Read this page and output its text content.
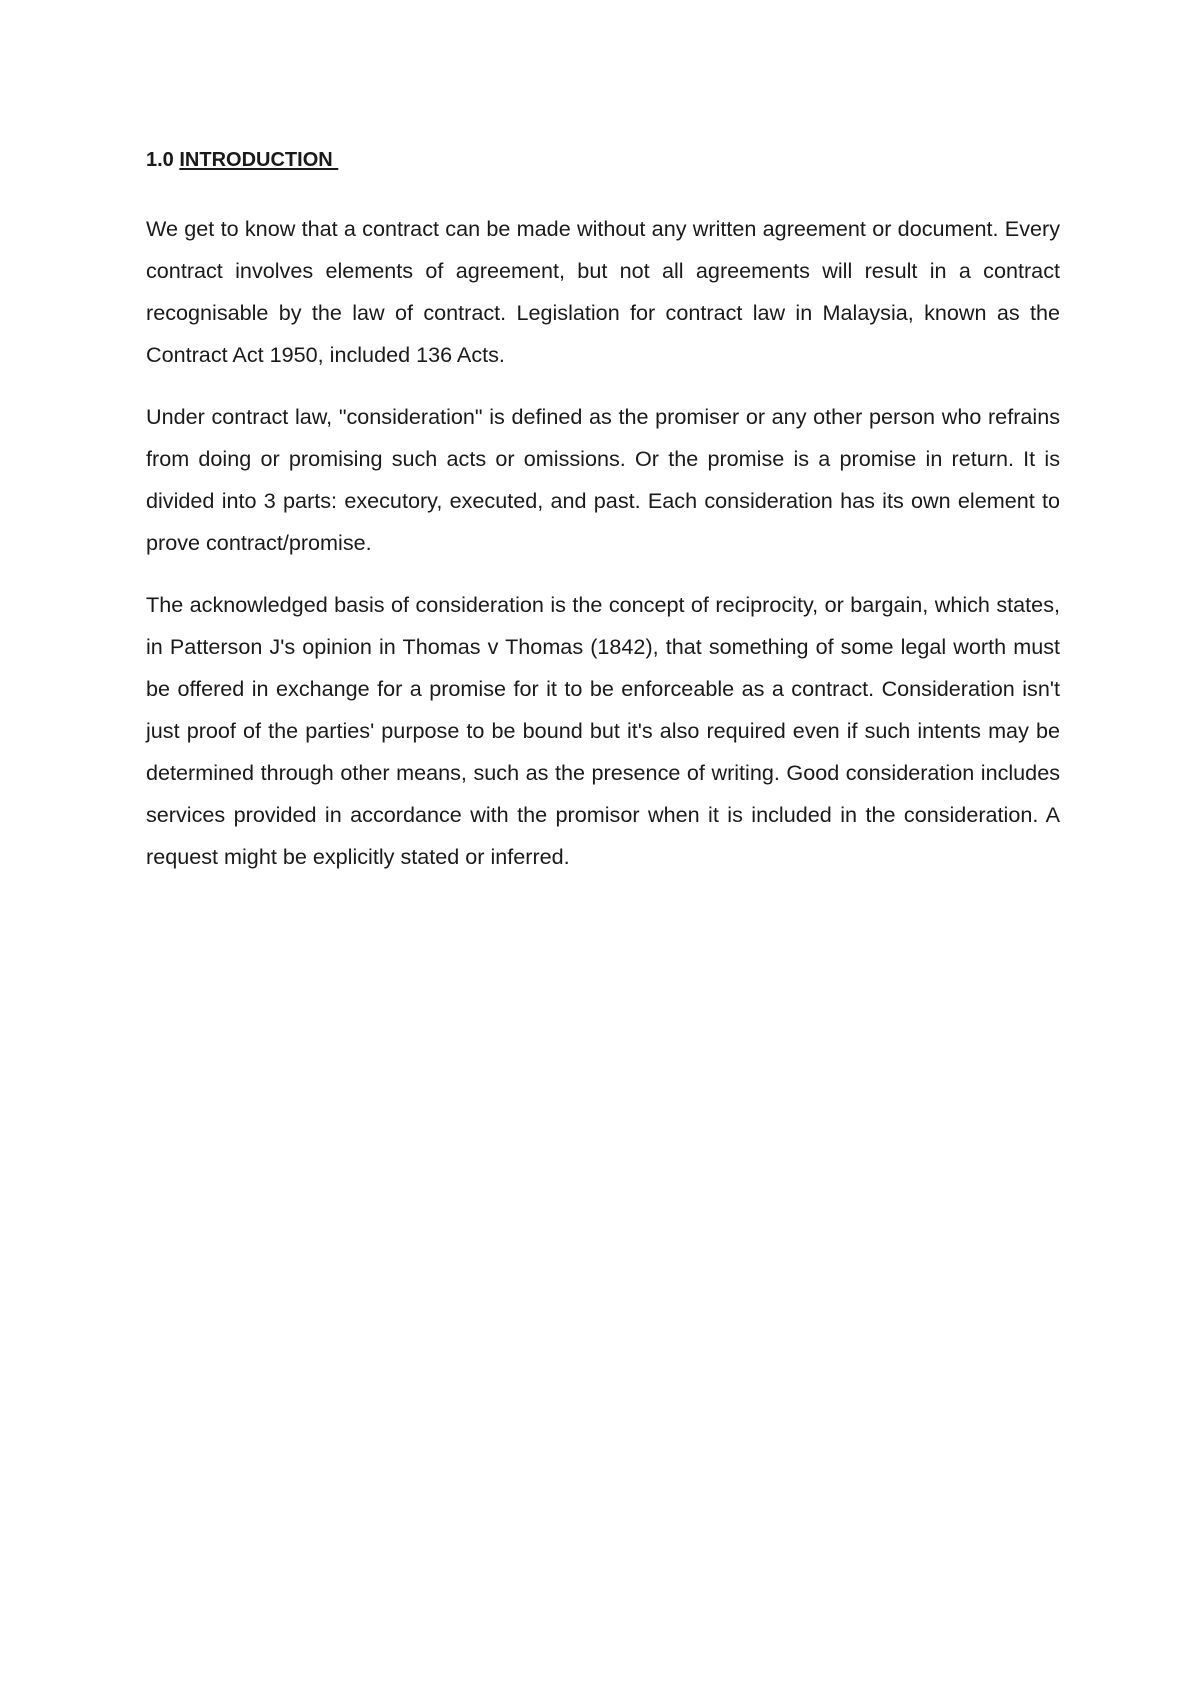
1.0 INTRODUCTION

We get to know that a contract can be made without any written agreement or document. Every contract involves elements of agreement, but not all agreements will result in a contract recognisable by the law of contract. Legislation for contract law in Malaysia, known as the Contract Act 1950, included 136 Acts.

Under contract law, "consideration" is defined as the promiser or any other person who refrains from doing or promising such acts or omissions. Or the promise is a promise in return. It is divided into 3 parts: executory, executed, and past. Each consideration has its own element to prove contract/promise.

The acknowledged basis of consideration is the concept of reciprocity, or bargain, which states, in Patterson J's opinion in Thomas v Thomas (1842), that something of some legal worth must be offered in exchange for a promise for it to be enforceable as a contract. Consideration isn't just proof of the parties' purpose to be bound but it's also required even if such intents may be determined through other means, such as the presence of writing. Good consideration includes services provided in accordance with the promisor when it is included in the consideration. A request might be explicitly stated or inferred.
